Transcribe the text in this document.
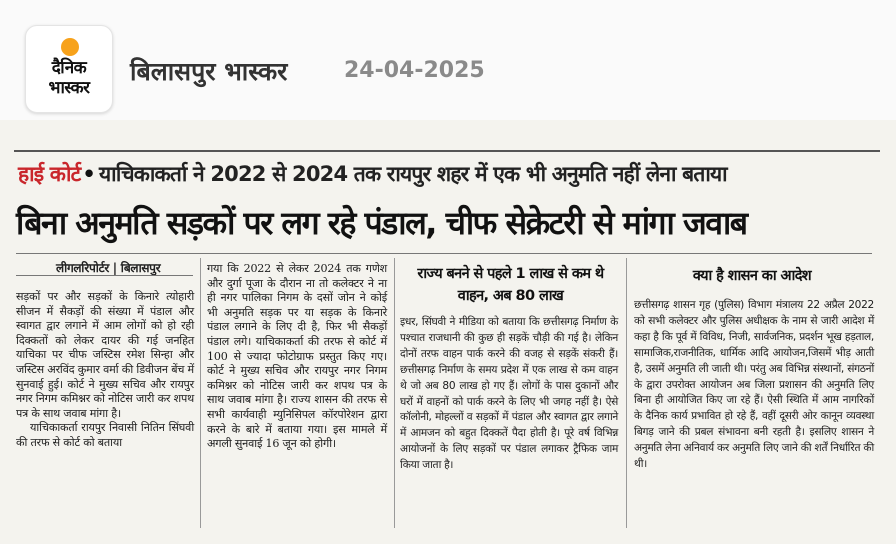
दैनिक
भास्कर
बिलासपुर भास्कर	24-04-2025
हाई कोर्ट• याचिकाकर्ता ने 2022 से 2024 तक रायपुर शहर में एक भी अनुमति नहीं लेना बताया
बिना अनुमति सड़कों पर लग रहे पंडाल, चीफ सेक्रेटरी से मांगा जवाब
लीगलरिपोर्टर | बिलासपुर

सड़कों पर और सड़कों के किनारे त्योहारी सीजन में सैकड़ों की संख्या में पंडाल और स्वागत द्वार लगाने में आम लोगों को हो रही दिक्कतों को लेकर दायर की गई जनहित याचिका पर चीफ जस्टिस रमेश सिन्हा और जस्टिस अरविंद कुमार वर्मा की डिवीजन बेंच में सुनवाई हुई। कोर्ट ने मुख्य सचिव और रायपुर नगर निगम कमिश्नर को नोटिस जारी कर शपथ पत्र के साथ जवाब मांगा है।

याचिकाकर्ता रायपुर निवासी नितिन सिंघवी की तरफ से कोर्ट को बताया

गया कि 2022 से लेकर 2024 तक गणेश और दुर्गा पूजा के दौरान ना तो कलेक्टर ने ना ही नगर पालिका निगम के दसों जोन ने कोई भी अनुमति सड़क पर या सड़क के किनारे पंडाल लगाने के लिए दी है, फिर भी सैकड़ों पंडाल लगे। याचिकाकर्ता की तरफ से कोर्ट में 100 से ज्यादा फोटोग्राफ प्रस्तुत किए गए। कोर्ट ने मुख्य सचिव और रायपुर नगर निगम कमिश्नर को नोटिस जारी कर शपथ पत्र के साथ जवाब मांगा है। राज्य शासन की तरफ से सभी कार्यवाही म्युनिसिपल कॉरपोरेशन द्वारा करने के बारे में बताया गया। इस मामले में अगली सुनवाई 16 जून को होगी।
राज्य बनने से पहले 1 लाख से कम थे वाहन, अब 80 लाख
इधर, सिंघवी ने मीडिया को बताया कि छत्तीसगढ़ निर्माण के पश्चात राजधानी की कुछ ही सड़कें चौड़ी की गई है। लेकिन दोनों तरफ वाहन पार्क करने की वजह से सड़कें संकरी हैं। छत्तीसगढ़ निर्माण के समय प्रदेश में एक लाख से कम वाहन थे जो अब 80 लाख हो गए हैं। लोगों के पास दुकानों और घरों में वाहनों को पार्क करने के लिए भी जगह नहीं है। ऐसे कॉलोनी, मोहल्लों व सड़कों में पंडाल और स्वागत द्वार लगाने में आमजन को बहुत दिक्कतें पैदा होती है। पूरे वर्ष विभिन्न आयोजनों के लिए सड़कों पर पंडाल लगाकर ट्रैफिक जाम किया जाता है।
क्या है शासन का आदेश
छत्तीसगढ़ शासन गृह (पुलिस) विभाग मंत्रालय 22 अप्रैल 2022 को सभी कलेक्टर और पुलिस अधीक्षक के नाम से जारी आदेश में कहा है कि पूर्व में विविध, निजी, सार्वजनिक, प्रदर्शन भूख हड़ताल, सामाजिक,राजनीतिक, धार्मिक आदि आयोजन,जिसमें भीड़ आती है, उसमें अनुमति ली जाती थी। परंतु अब विभिन्न संस्थानों, संगठनों के द्वारा उपरोक्त आयोजन अब जिला प्रशासन की अनुमति लिए बिना ही आयोजित किए जा रहे हैं। ऐसी स्थिति में आम नागरिकों के दैनिक कार्य प्रभावित हो रहे हैं, वहीं दूसरी ओर कानून व्यवस्था बिगड़ जाने की प्रबल संभावना बनी रहती है। इसलिए शासन ने अनुमति लेना अनिवार्य कर अनुमति लिए जाने की शर्तें निर्धारित की थी।
